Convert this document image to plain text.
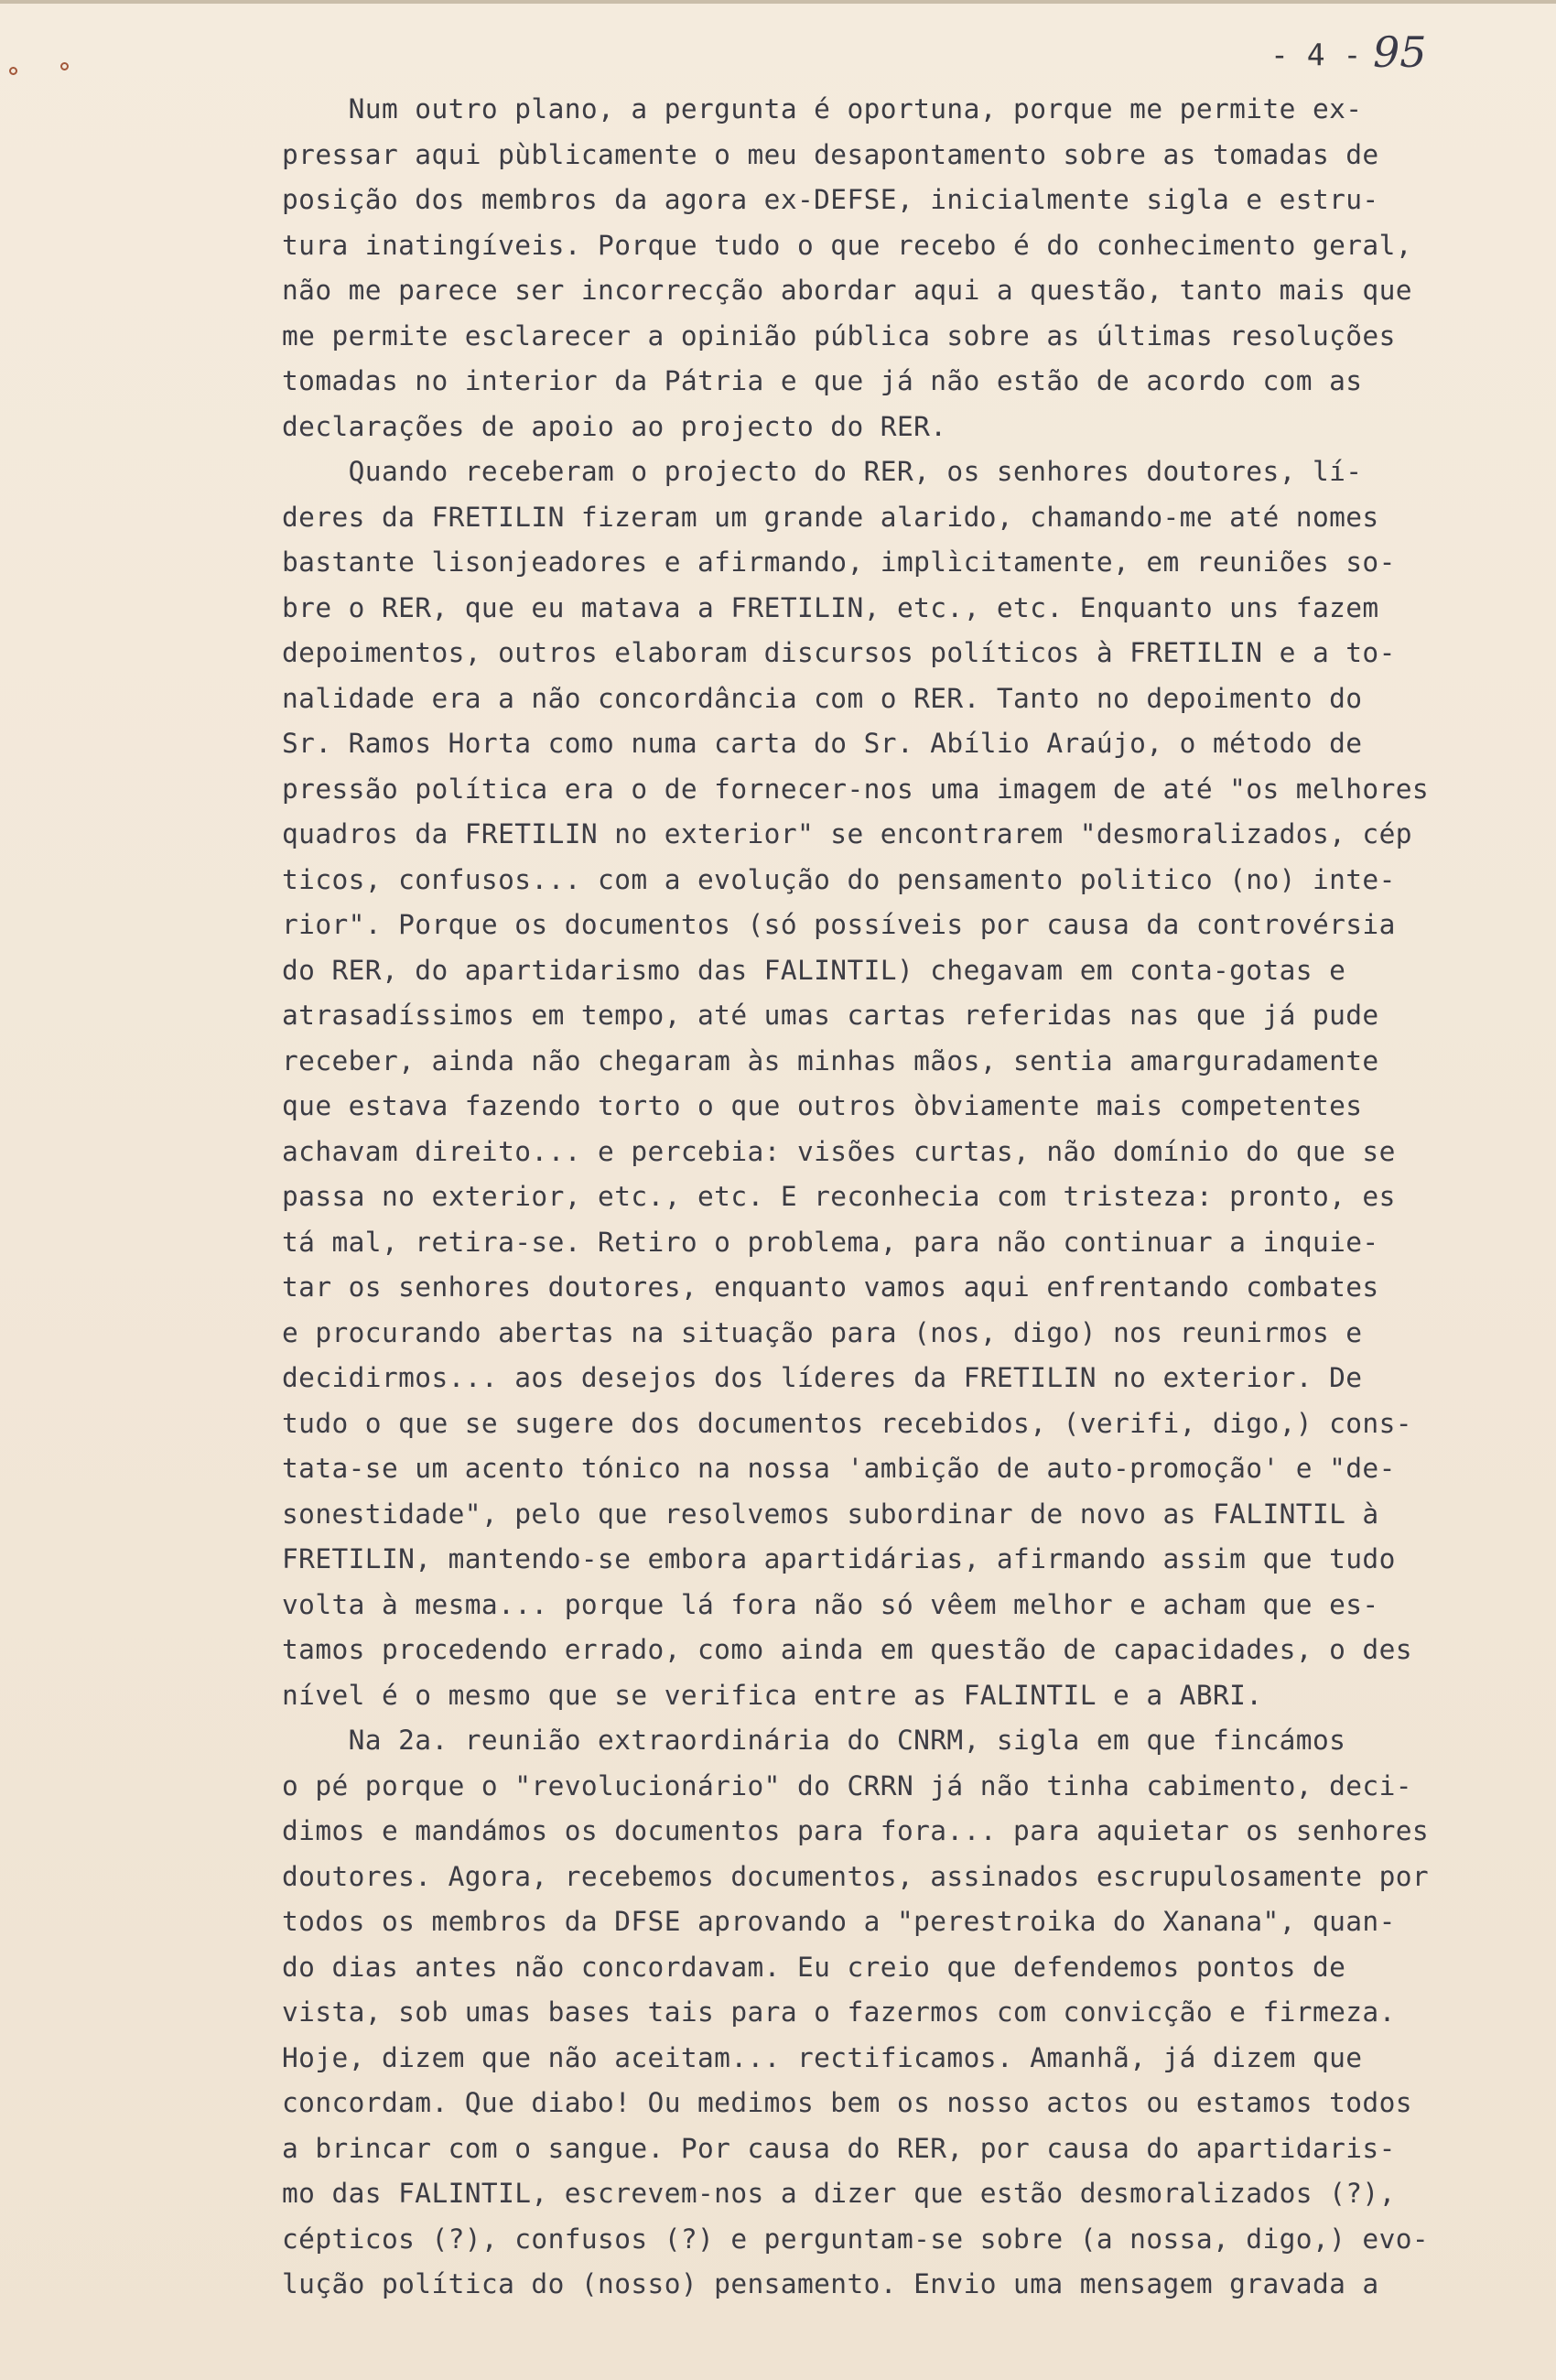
- 4 - 95
Num outro plano, a pergunta é oportuna, porque me permite ex-
pressar aqui pùblicamente o meu desapontamento sobre as tomadas de
posição dos membros da agora ex-DEFSE, inicialmente sigla e estru-
tura inatingíveis. Porque tudo o que recebo é do conhecimento geral,
não me parece ser incorrecção abordar aqui a questão, tanto mais que
me permite esclarecer a opinião pública sobre as últimas resoluções
tomadas no interior da Pátria e que já não estão de acordo com as
declarações de apoio ao projecto do RER.
Quando receberam o projecto do RER, os senhores doutores, lí-
deres da FRETILIN fizeram um grande alarido, chamando-me até nomes
bastante lisonjeadores e afirmando, implìcitamente, em reuniões so-
bre o RER, que eu matava a FRETILIN, etc., etc. Enquanto uns fazem
depoimentos, outros elaboram discursos políticos à FRETILIN e a to-
nalidade era a não concordância com o RER. Tanto no depoimento do
Sr. Ramos Horta como numa carta do Sr. Abílio Araújo, o método de
pressão política era o de fornecer-nos uma imagem de até "os melhores
quadros da FRETILIN no exterior" se encontrarem "desmoralizados, cép
ticos, confusos... com a evolução do pensamento politico (no) inte-
rior". Porque os documentos (só possíveis por causa da controvérsia
do RER, do apartidarismo das FALINTIL) chegavam em conta-gotas e
atrasadíssimos em tempo, até umas cartas referidas nas que já pude
receber, ainda não chegaram às minhas mãos, sentia amarguradamente
que estava fazendo torto o que outros òbviamente mais competentes
achavam direito... e percebia: visões curtas, não domínio do que se
passa no exterior, etc., etc. E reconhecia com tristeza: pronto, es
tá mal, retira-se. Retiro o problema, para não continuar a inquie-
tar os senhores doutores, enquanto vamos aqui enfrentando combates
e procurando abertas na situação para (nos, digo) nos reunirmos e
decidirmos... aos desejos dos líderes da FRETILIN no exterior. De
tudo o que se sugere dos documentos recebidos, (verifi, digo,) cons-
tata-se um acento tónico na nossa 'ambição de auto-promoção' e "de-
sonestidade", pelo que resolvemos subordinar de novo as FALINTIL à
FRETILIN, mantendo-se embora apartidárias, afirmando assim que tudo
volta à mesma... porque lá fora não só vêem melhor e acham que es-
tamos procedendo errado, como ainda em questão de capacidades, o des
nível é o mesmo que se verifica entre as FALINTIL e a ABRI.
Na 2a. reunião extraordinária do CNRM, sigla em que fincámos
o pé porque o "revolucionário" do CRRN já não tinha cabimento, deci-
dimos e mandámos os documentos para fora... para aquietar os senhores
doutores. Agora, recebemos documentos, assinados escrupulosamente por
todos os membros da DFSE aprovando a "perestroika do Xanana", quan-
do dias antes não concordavam. Eu creio que defendemos pontos de
vista, sob umas bases tais para o fazermos com convicção e firmeza.
Hoje, dizem que não aceitam... rectificamos. Amanhã, já dizem que
concordam. Que diabo! Ou medimos bem os nosso actos ou estamos todos
a brincar com o sangue. Por causa do RER, por causa do apartidaris-
mo das FALINTIL, escrevem-nos a dizer que estão desmoralizados (?),
cépticos (?), confusos (?) e perguntam-se sobre (a nossa, digo,) evo-
lução política do (nosso) pensamento. Envio uma mensagem gravada a
